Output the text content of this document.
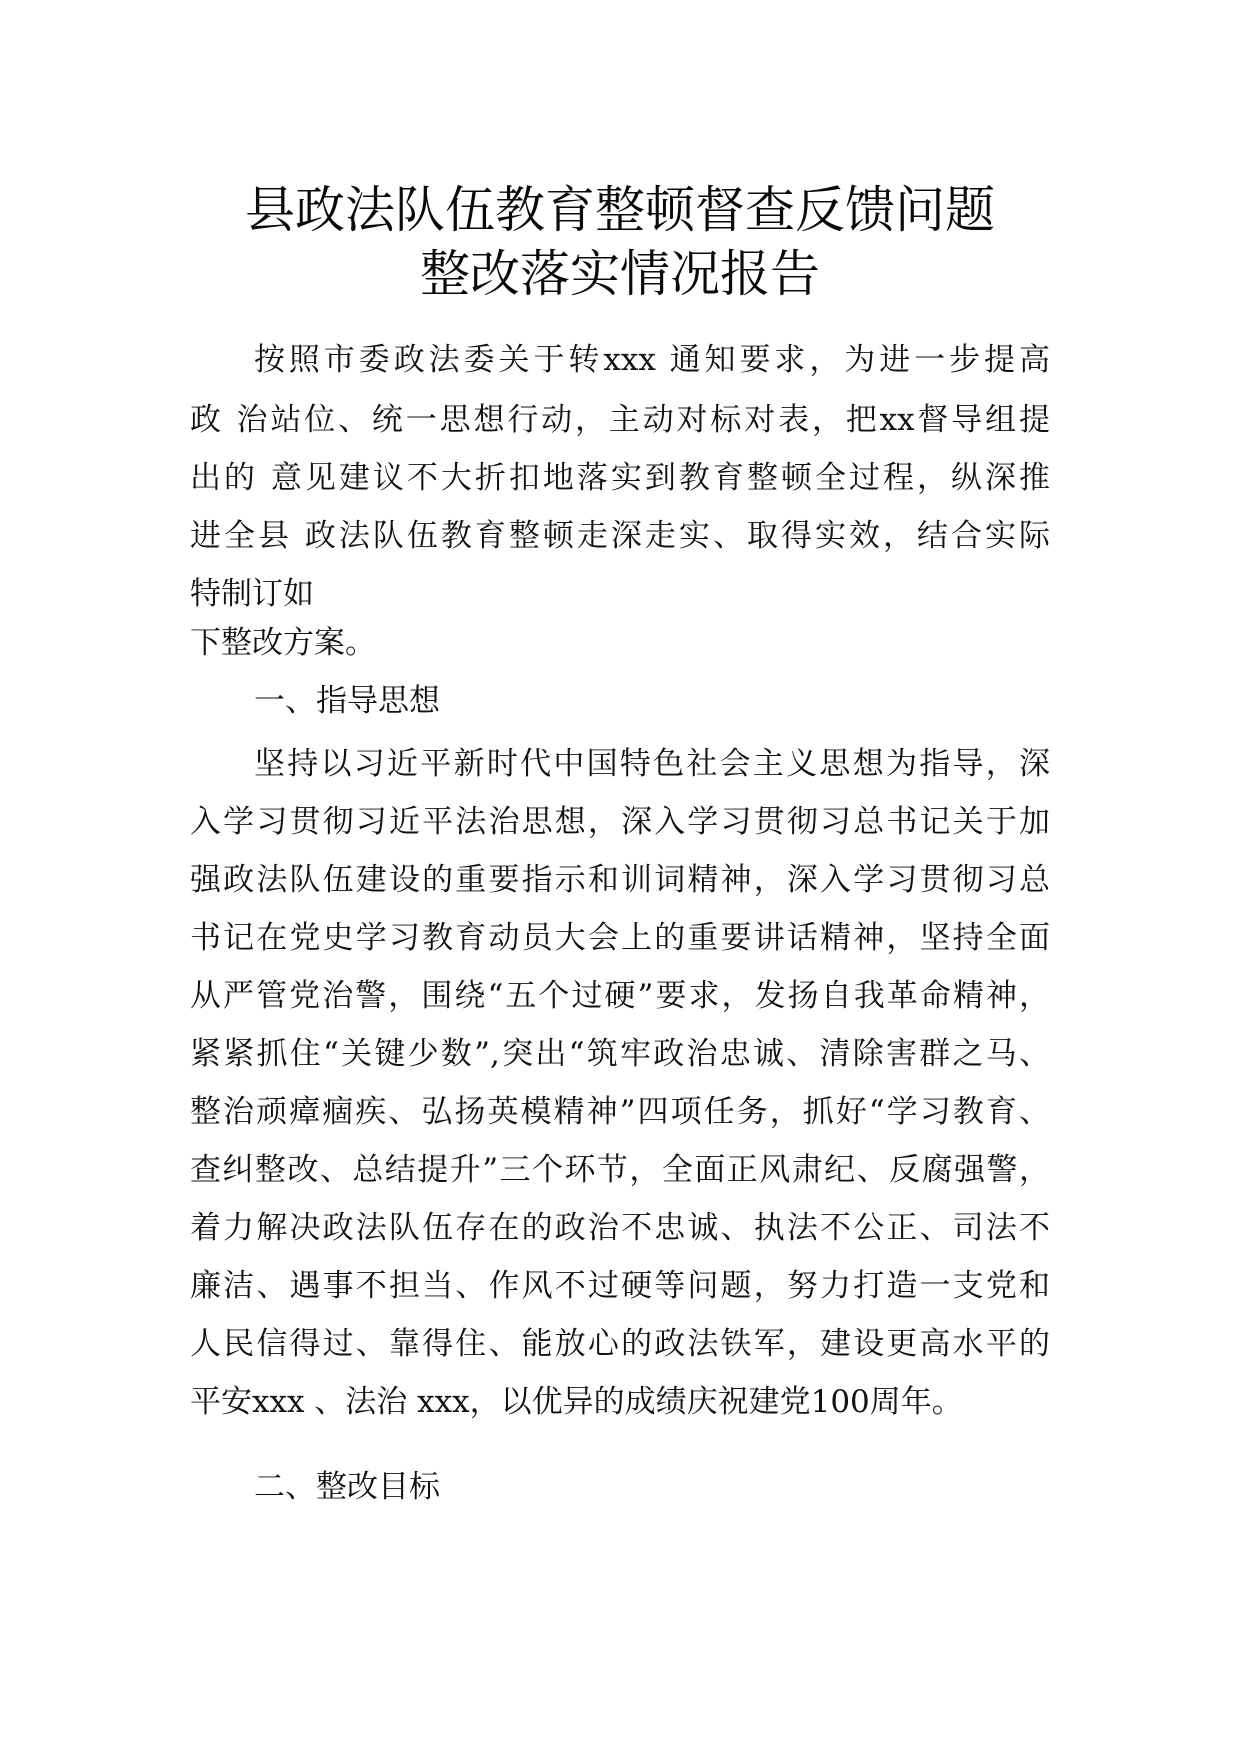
县政法队伍教育整顿督查反馈问题
整改落实情况报告
按照市委政法委关于转xxx 通知要求，为进一步提高
政 治站位、统一思想行动，主动对标对表，把xx督导组提
出的 意见建议不大折扣地落实到教育整顿全过程，纵深推
进全县 政法队伍教育整顿走深走实、取得实效，结合实际
特制订如
下整改方案。
一、指导思想
坚持以习近平新时代中国特色社会主义思想为指导，深
入学习贯彻习近平法治思想，深入学习贯彻习总书记关于加
强政法队伍建设的重要指示和训词精神，深入学习贯彻习总
书记在党史学习教育动员大会上的重要讲话精神，坚持全面
从严管党治警，围绕“五个过硬”要求，发扬自我革命精神，
紧紧抓住“关键少数”,突出“筑牢政治忠诚、清除害群之马、
整治顽瘴痼疾、弘扬英模精神”四项任务，抓好“学习教育、
查纠整改、总结提升”三个环节，全面正风肃纪、反腐强警，
着力解决政法队伍存在的政治不忠诚、执法不公正、司法不
廉洁、遇事不担当、作风不过硬等问题，努力打造一支党和
人民信得过、靠得住、能放心的政法铁军，建设更高水平的
平安xxx 、法治 xxx，以优异的成绩庆祝建党100周年。
二、整改目标
